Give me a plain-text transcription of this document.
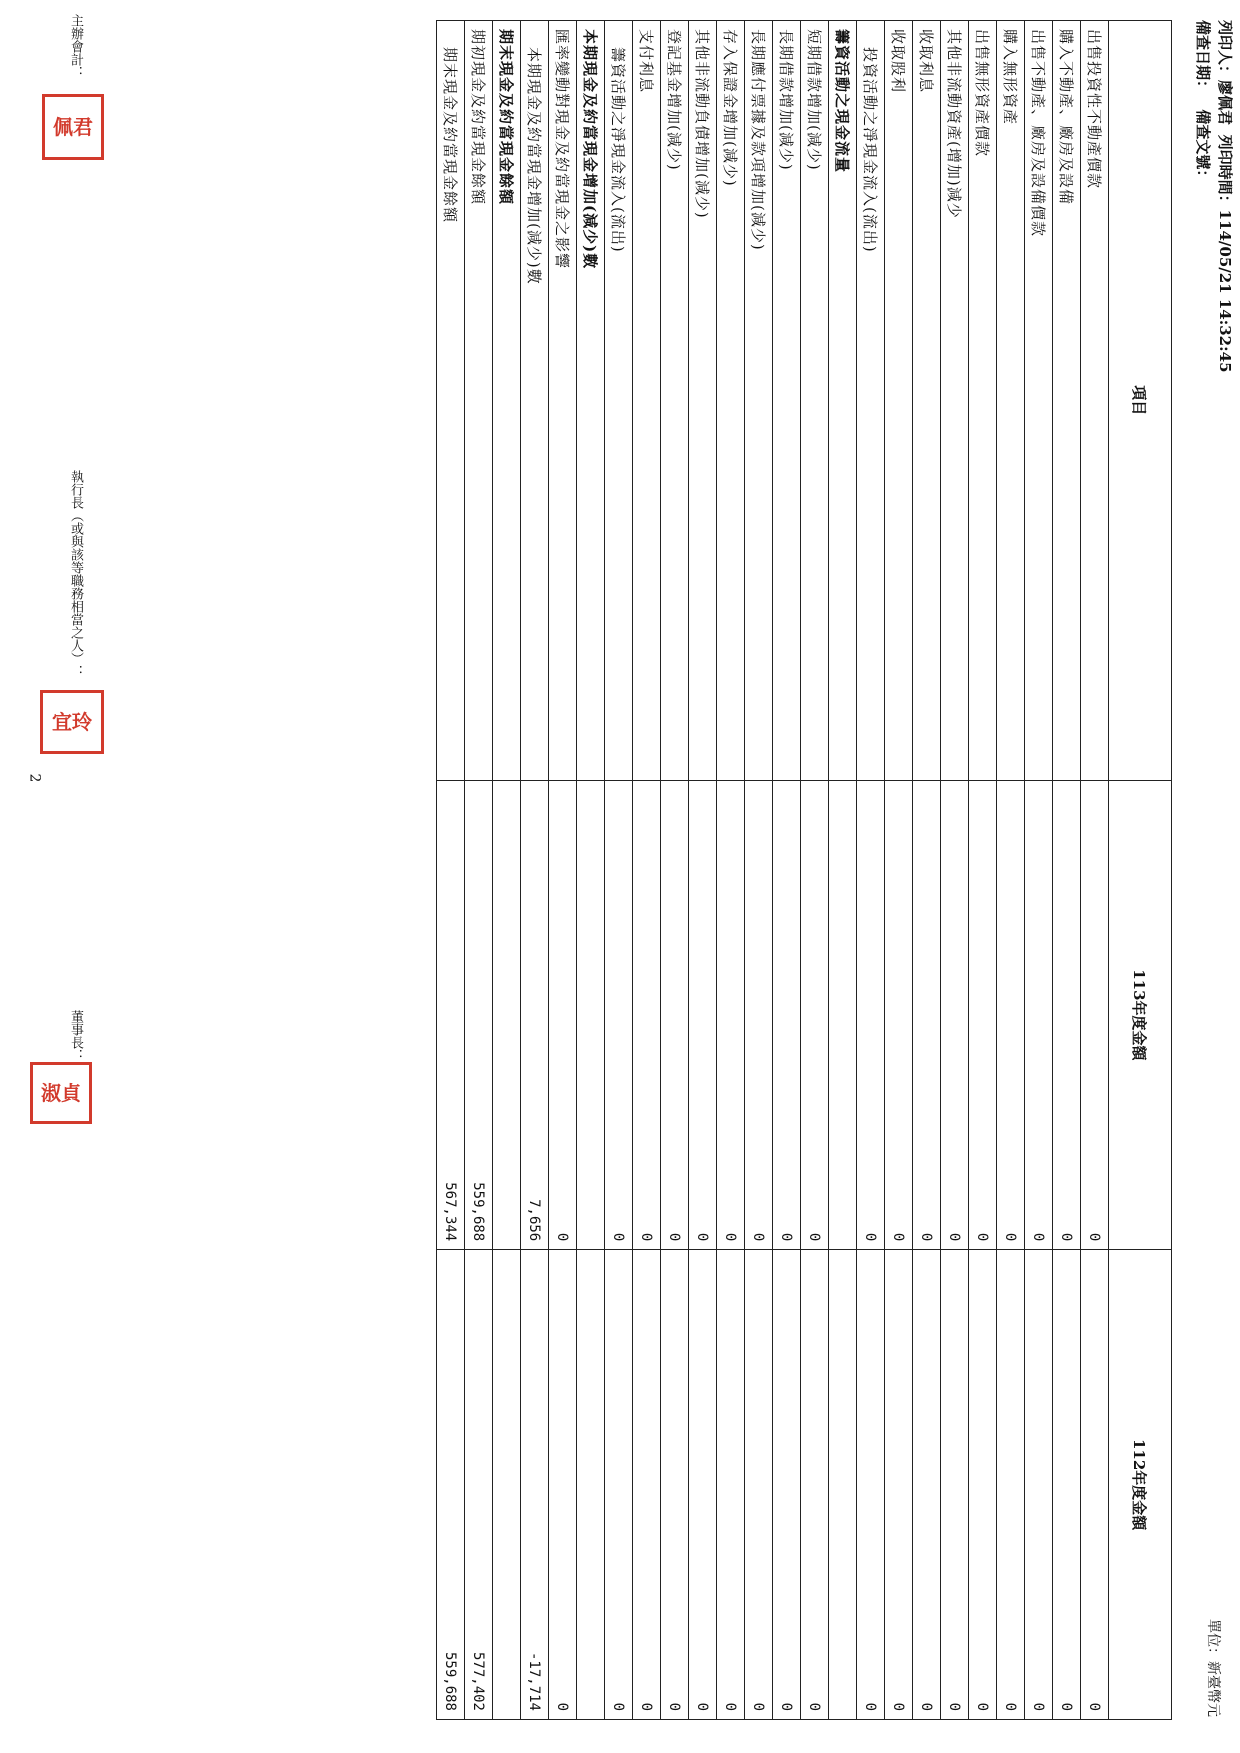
列印人：廖佩君  列印時間：114/05/21 14:32:45
備查日期：   備查文號：
單位：新臺幣元
項目	113年度金額	112年度金額
出售投資性不動產價款	0	0
購入不動產、廠房及設備	0	0
出售不動產、廠房及設備價款	0	0
購入無形資產	0	0
出售無形資產價款	0	0
其他非流動資產(增加)減少	0	0
收取利息	0	0
收取股利	0	0
投資活動之淨現金流入(流出)	0	0
籌資活動之現金流量		
短期借款增加(減少)	0	0
長期借款增加(減少)	0	0
長期應付票據及款項增加(減少)	0	0
存入保證金增加(減少)	0	0
其他非流動負債增加(減少)	0	0
登記基金增加(減少)	0	0
支付利息	0	0
籌資活動之淨現金流入(流出)	0	0
本期現金及約當現金增加(減少)數		
匯率變動對現金及約當現金之影響	0	0
本期現金及約當現金增加(減少)數	7,656	-17,714
期末現金及約當現金餘額		
期初現金及約當現金餘額	559,688	577,402
期末現金及約當現金餘額	567,344	559,688
主辦會計：
佩君
執行長（或與該等職務相當之人）：
宜玲
2
董事長：
淑貞
